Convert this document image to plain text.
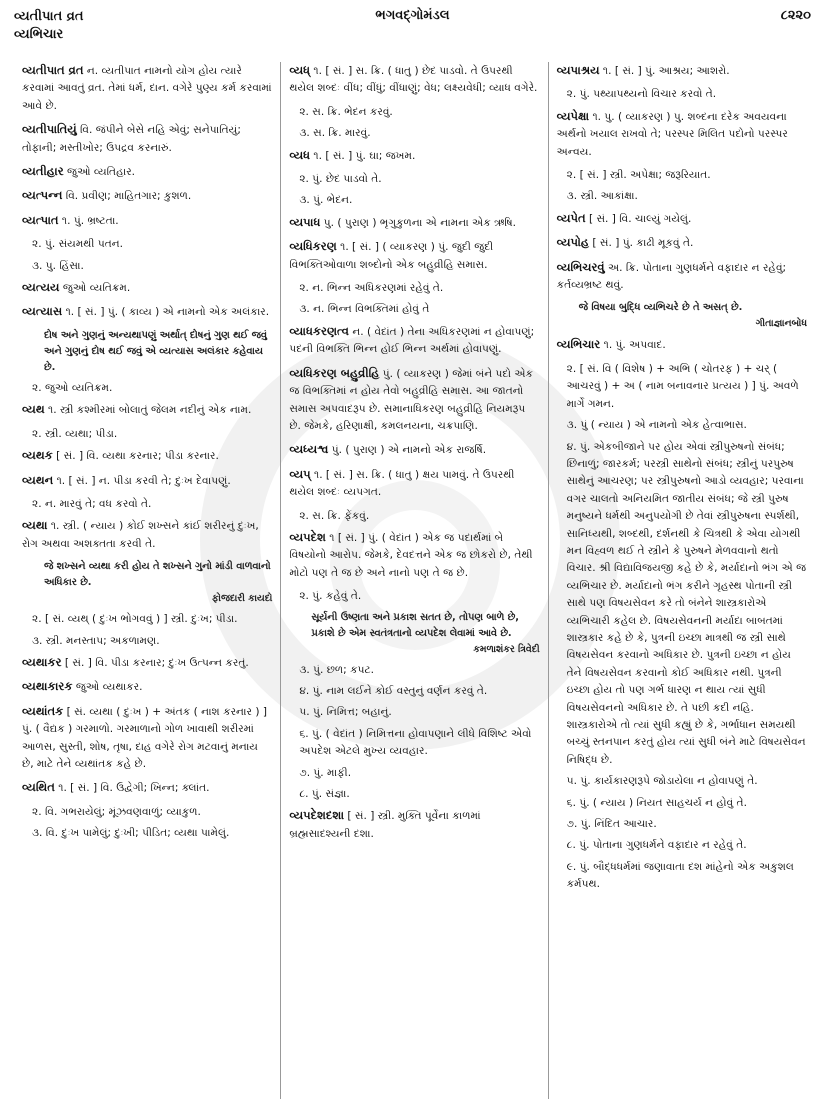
વ્યતીપાત વ્રત
વ્યભિચાર
ભગવદ્ગોમંડલ	૮૨૨૦
વ્યતીપાત વ્રત ન. વ્યતીપાત નામનો યોગ હોય ત્યારે કરવામાં આવતું વ્રત. તેમાં ધર્મ, દાન. વગેરે પુણ્ય કર્મ કરવામાં આવે છે.
વ્યતીપાતિયું વિ. જંપીને બેસે નહિ એવું; સનેપાતિયું; તોફાની; મસ્તીખોર; ઉપદ્રવ કરનારું.
વ્યતીહાર જુઓ વ્યતિહાર.
વ્યત્પન્ન વિ. પ્રવીણ; માહિતગાર; કુશળ.
વ્યત્પાત ૧. પું. ભ્રષ્ટતા.
૨. પું. સંયમથી પતન.
૩. પુ. હિંસા.
વ્યત્યય જુઓ વ્યતિક્રમ.
વ્યત્યાસ ૧. [ સં. ] પું. ( કાવ્ય ) એ નામનો એક અલંકાર.
દોષ અને ગુણનું અન્યથાપણું અર્થાત્ દોષનું ગુણ થઈ જવું અને ગુણનું દોષ થઈ જવું એ વ્યત્યાસ અલંકાર કહેવાય છે.
૨. જુઓ વ્યતિક્રમ.
વ્યથ ૧. સ્ત્રી કશ્મીરમાં બોલાતું જેલમ નદીનું એક નામ.
૨. સ્ત્રી. વ્યથા; પીડા.
વ્યથક [ સં. ] વિ. વ્યથા કરનાર; પીડા કરનાર.
વ્યથન ૧. [ સં. ] ન. પીડા કરવી તે; દુઃખ દેવાપણું.
૨. ન. મારવું તે; વધ કરવો તે.
વ્યથા ૧. સ્ત્રી. ( ન્યાય ) કોઈ શખ્સને કાંઈ શરીરનું દુઃખ, રોગ અથવા અશક્તતા કરવી તે.
જે શખ્સને વ્યથા કરી હોય તે શખ્સને ગુનો માંડી વાળવાનો અધિકાર છે.
ફોજદારી કાયદો
૨. [ સં. વ્યથ્ ( દુઃખ ભોગવવું ) ] સ્ત્રી. દુઃખ; પીડા.
૩. સ્ત્રી. મનસ્તાપ; અકળામણ.
વ્યથાકર [ સં. ] વિ. પીડા કરનાર; દુઃખ ઉત્પન્ન કરતું.
વ્યથાકારક જુઓ વ્યથાકર.
વ્યથાંતક [ સં. વ્યથા ( દુઃખ ) + અંતક ( નાશ કરનાર ) ] પું. ( વૈદ્યક ) ગરમાળો. ગરમાળાનો ગોળ ખાવાથી શરીરમાં આળસ, સુસ્તી, શોષ, તૃષા, દાહ વગેરે રોગ મટવાનું મનાય છે, માટે તેને વ્યથાંતક કહે છે.
વ્યથિત ૧. [ સં. ] વિ. ઉદ્વેગી; ખિન્ન; ક્લાંત.
૨. વિ. ગભરાયેલું; મૂંઝવણવાળું; વ્યાકુળ.
૩. વિ. દુઃખ પામેલું; દુઃખી; પીડિત; વ્યથા પામેલું.
વ્યધ્ ૧. [ સં. ] સ. ક્રિ. ( ધાતુ ) છેદ પાડવો. તે ઉપરથી થયેલ શબ્દઃ વીંધ; વીંધું; વીંધાણું; વેધ; લક્ષ્યવેધી; વ્યાધ વગેરે.
૨. સ. ક્રિ. ભેદન કરવું.
૩. સ. ક્રિ. મારવું.
વ્યધ ૧. [ સં. ] પું. ઘા; જખમ.
૨. પું. છેદ પાડવો તે.
૩. પું. ભેદન.
વ્યપાધ પુ. ( પુરાણ ) ભૃગુકુળના એ નામના એક ઋષિ.
વ્યધિકરણ ૧. [ સં. ] ( વ્યાકરણ ) પું. જુદી જુદી વિભક્તિઓવાળા શબ્દોનો એક બહુવ્રીહિ સમાસ.
૨. ન. ભિન્ન અધિકરણમાં રહેવું તે.
૩. ન. ભિન્ન વિભક્તિમાં હોવું તે
વ્યાધકરણત્વ ન. ( વેદાંત ) તેના અધિકરણમાં ન હોવાપણું; પદની વિભક્તિ ભિન્ન હોઈ ભિન્ન અર્થમાં હોવાપણું.
વ્યધિકરણ બહુવ્રીહિ પું. ( વ્યાકરણ ) જેમાં બંને પદો એક જ વિભક્તિમાં ન હોય તેવો બહુવ્રીહિ સમાસ. આ જાતનો સમાસ અપવાદરૂપ છે. સમાનાધિકરણ બહુવ્રીહિ નિયમરૂપ છે. જેમકે, હરિણાક્ષી, કમલનયના, ચક્રપાણિ.
વ્યધ્યશ્વ પું. ( પુરાણ ) એ નામનો એક રાજર્ષિ.
વ્યપ્ ૧. [ સં. ] સ. ક્રિ. ( ધાતુ ) ક્ષય પામવું. તે ઉપરથી થયેલ શબ્દઃ વ્યપગત.
૨. સ. ક્રિ. ફેંકવું.
વ્યપદેશ ૧ [ સં. ] પું. ( વેદાંત ) એક જ પદાર્થમાં બે વિષયોનો આરોપ. જેમકે, દેવદત્તને એક જ છોકરો છે, તેથી મોટો પણ તે જ છે અને નાનો પણ તે જ છે.
૨. પું. કહેવું તે.
સૂર્યની ઉષ્ણતા અને પ્રકાશ સતત છે, તોપણ બાળે છે, પ્રકાશે છે એમ સ્વતંત્રતાનો વ્યપદેશ લેવામાં આવે છે.
કમળાશંકર ત્રિવેદી
૩. પું. છળ; કપટ.
૪. પું. નામ લઈને કોઈ વસ્તુનું વર્ણન કરવું તે.
૫. પું. નિમિત્ત; બહાનું.
૬. પું. ( વેદાંત ) નિમિત્તના હોવાપણાને લીધે વિશિષ્ટ એવો અપદેશ એટલે મુખ્ય વ્યવહાર.
૭. પું. માફી.
૮. પું. સંજ્ઞા.
વ્યપદેશદશા [ સં. ] સ્ત્રી. મુક્તિ પૂર્વેના કાળમાં બ્રહ્મસાદશ્યની દશા.
વ્યપાશ્રય ૧. [ સં. ] પું. આશ્રય; આશરો.
૨. પું. પથ્યાપથ્યનો વિચાર કરવો તે.
વ્યપેક્ષા ૧. પુ. ( વ્યાકરણ ) પુ. શબ્દના દરેક અવયવના અર્થનો ખયાલ રાખવો તે; પરસ્પર મિલિત પદોનો પરસ્પર અન્વય.
૨. [ સં. ] સ્ત્રી. અપેક્ષા; જરૂરિયાત.
૩. સ્ત્રી. આકાંક્ષા.
વ્યપેત [ સં. ] વિ. ચાલ્યું ગયેલું.
વ્યપોહ [ સં. ] પું. કાઢી મૂકવું તે.
વ્યભિચરવું અ. ક્રિ. પોતાના ગુણધર્મને વફાદાર ન રહેવું; કર્તવ્યભ્રષ્ટ થવું.
જે વિષયા બુદ્ધિ વ્યભિચરે છે તે અસત્ છે.
ગીતાજ્ઞાનબોધ
વ્યભિચાર ૧. પું. અપવાદ.
૨. [ સં. વિ ( વિશેષ ) + અભિ ( ચોતરફ ) + ચર્ ( આચરવું ) + અ ( નામ બનાવનાર પ્રત્યય ) ] પું. અવળે માર્ગે ગમન.
૩. પું ( ન્યાય ) એ નામનો એક હેત્વાભાસ.
૪. પું. એકબીજાને પર હોય એવાં સ્ત્રીપુરુષનો સંબંધ; છિનાળું; જારકર્મ; પરસ્ત્રી સાથેનો સંબંધ; સ્ત્રીનું પરપુરુષ સાથેનું આચરણ; પર સ્ત્રીપુરુષનો આડો વ્યવહાર; પરવાના વગર ચાલતો અનિયમિત જાતીય સંબંધ; જે સ્ત્રી પુરુષ મનુષ્યને ધર્મથી અનુપયોગી છે તેવાં સ્ત્રીપુરુષના સ્પર્શથી, સાનિધ્યથી, શબ્દથી, દર્શનથી કે ચિત્રથી કે એવા યોગથી મન વિહ્વળ થઈ તે સ્ત્રીને કે પુરુષને મેળવવાનો થતો વિચાર. શ્રી વિદ્યાવિજયજી કહે છે કે, મર્યાદાનો ભંગ એ જ વ્યભિચાર છે. મર્યાદાનો ભંગ કરીને ગૃહસ્થ પોતાની સ્ત્રી સાથે પણ વિષયસેવન કરે તો બંનેને શાસ્ત્રકારોએ વ્યભિચારી કહેલ છે. વિષયસેવનની મર્યાદા બાબતમાં શાસ્ત્રકાર કહે છે કે, પુત્રની ઇચ્છા માત્રથી જ સ્ત્રી સાથે વિષયસેવન કરવાનો અધિકાર છે. પુત્રની ઇચ્છા ન હોય તેને વિષયસેવન કરવાનો કોઈ અધિકાર નથી. પુત્રની ઇચ્છા હોય તો પણ ગર્ભ ધારણ ન થાય ત્યાં સુધી વિષયસેવનનો અધિકાર છે. તે પછી કદી નહિ. શાસ્ત્રકારોએ તો ત્યાં સુધી કહ્યું છે કે, ગર્ભાધાન સમયથી બચ્ચું સ્તનપાન કરતું હોય ત્યાં સુધી બંને માટે વિષયસેવન નિષિદ્ધ છે.
૫. પું. કાર્યકારણરૂપે જોડાયેલા ન હોવાપણું તે.
૬. પું. ( ન્યાય ) નિયત સાહચર્ય ન હોવું તે.
૭. પું. નિંદિત આચાર.
૮. પું. પોતાના ગુણધર્મને વફાદાર ન રહેવું તે.
૯. પું. બૌદ્ધધર્મમાં જણાવાતા દશ માંહેનો એક અકુશલ કર્મપથ.
